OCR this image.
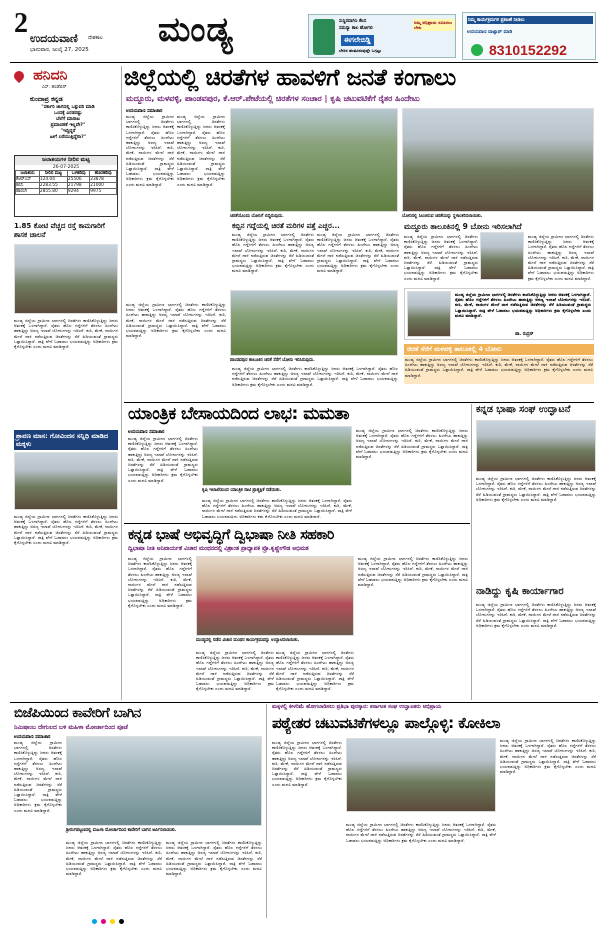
2 ಉದಯವಾಣಿ ದೇಶಕಾಲ
ಭಾನುವಾರ, ಜುಲೈ 27, 2025 ಮಂಡ್ಯ	ಸುಸ್ಥಿರವಾಗಿಸಿ ಕೆಲಸ
ಸಮಸ್ಯಾ ಕಾಲ ಹೋಗಲಿ
ಈಗಲೇಬಿಡ್ಡಿ
ಬೇರಿಸ ಹಂತವಿರುವುದ್ದೇ ಒಗ್ಗಟ್ಟು
ನಿಮ್ಮ ಅಭಿಪ್ರಾಯ ರೂಪಿಸಲು ಬೇಕು
ನಿಮ್ಮ ಕಾರ್ಯಕ್ರಮಗಳ ಪ್ರಕಟಣೆ ನೀಡಲು
ಉದಯವಾಣಿ ವಾಟ್ಸಾಪ್ ಮಾಡಿ
8310152292
ಹನಿದನಿ
ಎಸ್. ಹಂಡೆಬಿನ್
ಕುಂದಾಪ್ರ ಕನ್ನಡ
"ಸರ್ಕಾರಿ ಜಾಗದಲ್ಲಿ ಒತ್ತುವರಿ ಮಾಡಿ
ಒಂದಕ್ಕೆ ಎರಡರಷ್ಟು
ಬೆಲೆಗೆ ಮಾರಾಟ
ಪ್ರಮಾಣಿಕತೆ ಇಲ್ಲವೇ?"
"ಇದ್ದಿದ್ದರೆ
ಹೀಗೆ ಬರೆಯುತ್ತಿದ್ದೆನಾ?"
ಜಲಾಶಯಗಳ ನೀರಿನ ಮಟ್ಟ
26-07-2025
ಜಲಾಶಯ	ನೀರಿನ ಮಟ್ಟ	ಒಳಹರಿವು	ಹೊರಹರಿವು
ಕೆಆರ್‌ಎಸ್	124.04	25506	23878
ಕಬಿನಿ	2283.55	21798	21000
ಹಾರಂಗಿ	2855.80	9294	9975
1.85 ಕೋಟಿ ವೆಚ್ಚದ ರಸ್ತೆ ಕಾಮಗಾರಿಗೆ ಶಾಸಕ ಚಾಲನೆ
ಮಂಡ್ಯ ಜಿಲ್ಲೆಯ ಗ್ರಾಮೀಣ ಭಾಗಗಳಲ್ಲಿ ಚಿರತೆಗಳು ಕಾಣಿಸಿಕೊಳ್ಳುತ್ತಿದ್ದು ಜನರು ಆತಂಕಕ್ಕೆ ಒಳಗಾಗಿದ್ದಾರೆ. ರೈತರು ಹೊಲ ಗದ್ದೆಗಳಿಗೆ ತೆರಳಲು ಹಿಂದೇಟು ಹಾಕುತ್ತಿದ್ದು ಅರಣ್ಯ ಇಲಾಖೆ ಬೋನುಗಳನ್ನು ಇರಿಸಿದೆ. ಕುರಿ, ಮೇಕೆ, ನಾಯಿಗಳ ಮೇಲೆ ದಾಳಿ ನಡೆಸುತ್ತಿರುವ ಚಿರತೆಗಳನ್ನು ಸೆರೆ ಹಿಡಿಯುವಂತೆ ಗ್ರಾಮಸ್ಥರು ಒತ್ತಾಯಿಸಿದ್ದಾರೆ. ರಾತ್ರಿ ವೇಳೆ ಓಡಾಡಲು ಭಯಪಡುತ್ತಿದ್ದು ಅಧಿಕಾರಿಗಳು ಕ್ರಮ ಕೈಗೊಳ್ಳಬೇಕು ಎಂದು ಮನವಿ ಮಾಡಿದ್ದಾರೆ.
ಶ್ರಾವಣ ಮಾಸ: ಗೋವಿಂದನ ಸನ್ನಿಧಿ ಮಾಡಿದ ಮಕ್ಕಳು
ಮಂಡ್ಯ ಜಿಲ್ಲೆಯ ಗ್ರಾಮೀಣ ಭಾಗಗಳಲ್ಲಿ ಚಿರತೆಗಳು ಕಾಣಿಸಿಕೊಳ್ಳುತ್ತಿದ್ದು ಜನರು ಆತಂಕಕ್ಕೆ ಒಳಗಾಗಿದ್ದಾರೆ. ರೈತರು ಹೊಲ ಗದ್ದೆಗಳಿಗೆ ತೆರಳಲು ಹಿಂದೇಟು ಹಾಕುತ್ತಿದ್ದು ಅರಣ್ಯ ಇಲಾಖೆ ಬೋನುಗಳನ್ನು ಇರಿಸಿದೆ. ಕುರಿ, ಮೇಕೆ, ನಾಯಿಗಳ ಮೇಲೆ ದಾಳಿ ನಡೆಸುತ್ತಿರುವ ಚಿರತೆಗಳನ್ನು ಸೆರೆ ಹಿಡಿಯುವಂತೆ ಗ್ರಾಮಸ್ಥರು ಒತ್ತಾಯಿಸಿದ್ದಾರೆ. ರಾತ್ರಿ ವೇಳೆ ಓಡಾಡಲು ಭಯಪಡುತ್ತಿದ್ದು ಅಧಿಕಾರಿಗಳು ಕ್ರಮ ಕೈಗೊಳ್ಳಬೇಕು ಎಂದು ಮನವಿ ಮಾಡಿದ್ದಾರೆ.
ಜಿಲ್ಲೆಯಲ್ಲಿ ಚಿರತೆಗಳ ಹಾವಳಿಗೆ ಜನತೆ ಕಂಗಾಲು
ಮದ್ದೂರು, ಮಳವಳ್ಳಿ, ಪಾಂಡವಪುರ, ಕೆ.ಆರ್.ಪೇಟೆಯಲ್ಲಿ ಚಿರತೆಗಳ ಸಂಚಾರ | ಕೃಷಿ ಚಟುವಟಿಕೆಗೆ ರೈತರ ಹಿಂದೇಟು
ಉದಯವಾಣಿ ಸಮಾಚಾರ
ಮಂಡ್ಯ ಜಿಲ್ಲೆಯ ಗ್ರಾಮೀಣ ಭಾಗಗಳಲ್ಲಿ ಚಿರತೆಗಳು ಕಾಣಿಸಿಕೊಳ್ಳುತ್ತಿದ್ದು ಜನರು ಆತಂಕಕ್ಕೆ ಒಳಗಾಗಿದ್ದಾರೆ. ರೈತರು ಹೊಲ ಗದ್ದೆಗಳಿಗೆ ತೆರಳಲು ಹಿಂದೇಟು ಹಾಕುತ್ತಿದ್ದು ಅರಣ್ಯ ಇಲಾಖೆ ಬೋನುಗಳನ್ನು ಇರಿಸಿದೆ. ಕುರಿ, ಮೇಕೆ, ನಾಯಿಗಳ ಮೇಲೆ ದಾಳಿ ನಡೆಸುತ್ತಿರುವ ಚಿರತೆಗಳನ್ನು ಸೆರೆ ಹಿಡಿಯುವಂತೆ ಗ್ರಾಮಸ್ಥರು ಒತ್ತಾಯಿಸಿದ್ದಾರೆ. ರಾತ್ರಿ ವೇಳೆ ಓಡಾಡಲು ಭಯಪಡುತ್ತಿದ್ದು ಅಧಿಕಾರಿಗಳು ಕ್ರಮ ಕೈಗೊಳ್ಳಬೇಕು ಎಂದು ಮನವಿ ಮಾಡಿದ್ದಾರೆ.
ಮಂಡ್ಯ ಜಿಲ್ಲೆಯ ಗ್ರಾಮೀಣ ಭಾಗಗಳಲ್ಲಿ ಚಿರತೆಗಳು ಕಾಣಿಸಿಕೊಳ್ಳುತ್ತಿದ್ದು ಜನರು ಆತಂಕಕ್ಕೆ ಒಳಗಾಗಿದ್ದಾರೆ. ರೈತರು ಹೊಲ ಗದ್ದೆಗಳಿಗೆ ತೆರಳಲು ಹಿಂದೇಟು ಹಾಕುತ್ತಿದ್ದು ಅರಣ್ಯ ಇಲಾಖೆ ಬೋನುಗಳನ್ನು ಇರಿಸಿದೆ. ಕುರಿ, ಮೇಕೆ, ನಾಯಿಗಳ ಮೇಲೆ ದಾಳಿ ನಡೆಸುತ್ತಿರುವ ಚಿರತೆಗಳನ್ನು ಸೆರೆ ಹಿಡಿಯುವಂತೆ ಗ್ರಾಮಸ್ಥರು ಒತ್ತಾಯಿಸಿದ್ದಾರೆ. ರಾತ್ರಿ ವೇಳೆ ಓಡಾಡಲು ಭಯಪಡುತ್ತಿದ್ದು ಅಧಿಕಾರಿಗಳು ಕ್ರಮ ಕೈಗೊಳ್ಳಬೇಕು ಎಂದು ಮನವಿ ಮಾಡಿದ್ದಾರೆ.
ಚಿರತೆಯೊಂದು ಬೋನಿಗೆ ಬಿದ್ದಿರುವುದು.	ಬೋನಿನಲ್ಲಿ ಸಿಲುಕಿರುವ ಚಿರತೆಯನ್ನು ಸ್ಥಳಾಂತರಿಸಲಾಯಿತು.
ಕಬ್ಬಿನ ಗದ್ದೆಯಲ್ಲಿ ಚಿರತೆ ಮರಿಗಳ ಪತ್ತೆ ಎಚ್ಚರ...
ಮಂಡ್ಯ ಜಿಲ್ಲೆಯ ಗ್ರಾಮೀಣ ಭಾಗಗಳಲ್ಲಿ ಚಿರತೆಗಳು ಕಾಣಿಸಿಕೊಳ್ಳುತ್ತಿದ್ದು ಜನರು ಆತಂಕಕ್ಕೆ ಒಳಗಾಗಿದ್ದಾರೆ. ರೈತರು ಹೊಲ ಗದ್ದೆಗಳಿಗೆ ತೆರಳಲು ಹಿಂದೇಟು ಹಾಕುತ್ತಿದ್ದು ಅರಣ್ಯ ಇಲಾಖೆ ಬೋನುಗಳನ್ನು ಇರಿಸಿದೆ. ಕುರಿ, ಮೇಕೆ, ನಾಯಿಗಳ ಮೇಲೆ ದಾಳಿ ನಡೆಸುತ್ತಿರುವ ಚಿರತೆಗಳನ್ನು ಸೆರೆ ಹಿಡಿಯುವಂತೆ ಗ್ರಾಮಸ್ಥರು ಒತ್ತಾಯಿಸಿದ್ದಾರೆ. ರಾತ್ರಿ ವೇಳೆ ಓಡಾಡಲು ಭಯಪಡುತ್ತಿದ್ದು ಅಧಿಕಾರಿಗಳು ಕ್ರಮ ಕೈಗೊಳ್ಳಬೇಕು ಎಂದು ಮನವಿ ಮಾಡಿದ್ದಾರೆ.
ಮಂಡ್ಯ ಜಿಲ್ಲೆಯ ಗ್ರಾಮೀಣ ಭಾಗಗಳಲ್ಲಿ ಚಿರತೆಗಳು ಕಾಣಿಸಿಕೊಳ್ಳುತ್ತಿದ್ದು ಜನರು ಆತಂಕಕ್ಕೆ ಒಳಗಾಗಿದ್ದಾರೆ. ರೈತರು ಹೊಲ ಗದ್ದೆಗಳಿಗೆ ತೆರಳಲು ಹಿಂದೇಟು ಹಾಕುತ್ತಿದ್ದು ಅರಣ್ಯ ಇಲಾಖೆ ಬೋನುಗಳನ್ನು ಇರಿಸಿದೆ. ಕುರಿ, ಮೇಕೆ, ನಾಯಿಗಳ ಮೇಲೆ ದಾಳಿ ನಡೆಸುತ್ತಿರುವ ಚಿರತೆಗಳನ್ನು ಸೆರೆ ಹಿಡಿಯುವಂತೆ ಗ್ರಾಮಸ್ಥರು ಒತ್ತಾಯಿಸಿದ್ದಾರೆ. ರಾತ್ರಿ ವೇಳೆ ಓಡಾಡಲು ಭಯಪಡುತ್ತಿದ್ದು ಅಧಿಕಾರಿಗಳು ಕ್ರಮ ಕೈಗೊಳ್ಳಬೇಕು ಎಂದು ಮನವಿ ಮಾಡಿದ್ದಾರೆ.
ಮದ್ದೂರು ತಾಲೂಕಿನಲ್ಲಿ 9 ಬೋನು ಇರಿಸಲಾಗಿದೆ
ಮಂಡ್ಯ ಜಿಲ್ಲೆಯ ಗ್ರಾಮೀಣ ಭಾಗಗಳಲ್ಲಿ ಚಿರತೆಗಳು ಕಾಣಿಸಿಕೊಳ್ಳುತ್ತಿದ್ದು ಜನರು ಆತಂಕಕ್ಕೆ ಒಳಗಾಗಿದ್ದಾರೆ. ರೈತರು ಹೊಲ ಗದ್ದೆಗಳಿಗೆ ತೆರಳಲು ಹಿಂದೇಟು ಹಾಕುತ್ತಿದ್ದು ಅರಣ್ಯ ಇಲಾಖೆ ಬೋನುಗಳನ್ನು ಇರಿಸಿದೆ. ಕುರಿ, ಮೇಕೆ, ನಾಯಿಗಳ ಮೇಲೆ ದಾಳಿ ನಡೆಸುತ್ತಿರುವ ಚಿರತೆಗಳನ್ನು ಸೆರೆ ಹಿಡಿಯುವಂತೆ ಗ್ರಾಮಸ್ಥರು ಒತ್ತಾಯಿಸಿದ್ದಾರೆ. ರಾತ್ರಿ ವೇಳೆ ಓಡಾಡಲು ಭಯಪಡುತ್ತಿದ್ದು ಅಧಿಕಾರಿಗಳು ಕ್ರಮ ಕೈಗೊಳ್ಳಬೇಕು ಎಂದು ಮನವಿ ಮಾಡಿದ್ದಾರೆ.
ಮಂಡ್ಯ ಜಿಲ್ಲೆಯ ಗ್ರಾಮೀಣ ಭಾಗಗಳಲ್ಲಿ ಚಿರತೆಗಳು ಕಾಣಿಸಿಕೊಳ್ಳುತ್ತಿದ್ದು ಜನರು ಆತಂಕಕ್ಕೆ ಒಳಗಾಗಿದ್ದಾರೆ. ರೈತರು ಹೊಲ ಗದ್ದೆಗಳಿಗೆ ತೆರಳಲು ಹಿಂದೇಟು ಹಾಕುತ್ತಿದ್ದು ಅರಣ್ಯ ಇಲಾಖೆ ಬೋನುಗಳನ್ನು ಇರಿಸಿದೆ. ಕುರಿ, ಮೇಕೆ, ನಾಯಿಗಳ ಮೇಲೆ ದಾಳಿ ನಡೆಸುತ್ತಿರುವ ಚಿರತೆಗಳನ್ನು ಸೆರೆ ಹಿಡಿಯುವಂತೆ ಗ್ರಾಮಸ್ಥರು ಒತ್ತಾಯಿಸಿದ್ದಾರೆ. ರಾತ್ರಿ ವೇಳೆ ಓಡಾಡಲು ಭಯಪಡುತ್ತಿದ್ದು ಅಧಿಕಾರಿಗಳು ಕ್ರಮ ಕೈಗೊಳ್ಳಬೇಕು ಎಂದು ಮನವಿ ಮಾಡಿದ್ದಾರೆ.
ಪಾಂಡವಪುರ ತಾಲೂಕಿನ ಚಿರತೆ ಸೆರೆಗೆ ಬೋನು ಇರಿಸಿರುವುದು.
ಮಂಡ್ಯ ಜಿಲ್ಲೆಯ ಗ್ರಾಮೀಣ ಭಾಗಗಳಲ್ಲಿ ಚಿರತೆಗಳು ಕಾಣಿಸಿಕೊಳ್ಳುತ್ತಿದ್ದು ಜನರು ಆತಂಕಕ್ಕೆ ಒಳಗಾಗಿದ್ದಾರೆ. ರೈತರು ಹೊಲ ಗದ್ದೆಗಳಿಗೆ ತೆರಳಲು ಹಿಂದೇಟು ಹಾಕುತ್ತಿದ್ದು ಅರಣ್ಯ ಇಲಾಖೆ ಬೋನುಗಳನ್ನು ಇರಿಸಿದೆ. ಕುರಿ, ಮೇಕೆ, ನಾಯಿಗಳ ಮೇಲೆ ದಾಳಿ ನಡೆಸುತ್ತಿರುವ ಚಿರತೆಗಳನ್ನು ಸೆರೆ ಹಿಡಿಯುವಂತೆ ಗ್ರಾಮಸ್ಥರು ಒತ್ತಾಯಿಸಿದ್ದಾರೆ. ರಾತ್ರಿ ವೇಳೆ ಓಡಾಡಲು ಭಯಪಡುತ್ತಿದ್ದು ಅಧಿಕಾರಿಗಳು ಕ್ರಮ ಕೈಗೊಳ್ಳಬೇಕು ಎಂದು ಮನವಿ ಮಾಡಿದ್ದಾರೆ.
ಮಂಡ್ಯ ಜಿಲ್ಲೆಯ ಗ್ರಾಮೀಣ ಭಾಗಗಳಲ್ಲಿ ಚಿರತೆಗಳು ಕಾಣಿಸಿಕೊಳ್ಳುತ್ತಿದ್ದು ಜನರು ಆತಂಕಕ್ಕೆ ಒಳಗಾಗಿದ್ದಾರೆ. ರೈತರು ಹೊಲ ಗದ್ದೆಗಳಿಗೆ ತೆರಳಲು ಹಿಂದೇಟು ಹಾಕುತ್ತಿದ್ದು ಅರಣ್ಯ ಇಲಾಖೆ ಬೋನುಗಳನ್ನು ಇರಿಸಿದೆ. ಕುರಿ, ಮೇಕೆ, ನಾಯಿಗಳ ಮೇಲೆ ದಾಳಿ ನಡೆಸುತ್ತಿರುವ ಚಿರತೆಗಳನ್ನು ಸೆರೆ ಹಿಡಿಯುವಂತೆ ಗ್ರಾಮಸ್ಥರು ಒತ್ತಾಯಿಸಿದ್ದಾರೆ. ರಾತ್ರಿ ವೇಳೆ ಓಡಾಡಲು ಭಯಪಡುತ್ತಿದ್ದು ಅಧಿಕಾರಿಗಳು ಕ್ರಮ ಕೈಗೊಳ್ಳಬೇಕು ಎಂದು ಮನವಿ ಮಾಡಿದ್ದಾರೆ.
ಮಂಡ್ಯ ಜಿಲ್ಲೆಯ ಗ್ರಾಮೀಣ ಭಾಗಗಳಲ್ಲಿ ಚಿರತೆಗಳು ಕಾಣಿಸಿಕೊಳ್ಳುತ್ತಿದ್ದು ಜನರು ಆತಂಕಕ್ಕೆ ಒಳಗಾಗಿದ್ದಾರೆ. ರೈತರು ಹೊಲ ಗದ್ದೆಗಳಿಗೆ ತೆರಳಲು ಹಿಂದೇಟು ಹಾಕುತ್ತಿದ್ದು ಅರಣ್ಯ ಇಲಾಖೆ ಬೋನುಗಳನ್ನು ಇರಿಸಿದೆ. ಕುರಿ, ಮೇಕೆ, ನಾಯಿಗಳ ಮೇಲೆ ದಾಳಿ ನಡೆಸುತ್ತಿರುವ ಚಿರತೆಗಳನ್ನು ಸೆರೆ ಹಿಡಿಯುವಂತೆ ಗ್ರಾಮಸ್ಥರು ಒತ್ತಾಯಿಸಿದ್ದಾರೆ. ರಾತ್ರಿ ವೇಳೆ ಓಡಾಡಲು ಭಯಪಡುತ್ತಿದ್ದು ಅಧಿಕಾರಿಗಳು ಕ್ರಮ ಕೈಗೊಳ್ಳಬೇಕು ಎಂದು ಮನವಿ ಮಾಡಿದ್ದಾರೆ.
ಡಾ. ರುದ್ರನ್
ಚಿರತೆ ಸೆರೆಗೆ ಮಳವಳ್ಳಿ ತಾಲೂಕಲ್ಲಿ 4 ಬೋನು
ಮಂಡ್ಯ ಜಿಲ್ಲೆಯ ಗ್ರಾಮೀಣ ಭಾಗಗಳಲ್ಲಿ ಚಿರತೆಗಳು ಕಾಣಿಸಿಕೊಳ್ಳುತ್ತಿದ್ದು ಜನರು ಆತಂಕಕ್ಕೆ ಒಳಗಾಗಿದ್ದಾರೆ. ರೈತರು ಹೊಲ ಗದ್ದೆಗಳಿಗೆ ತೆರಳಲು ಹಿಂದೇಟು ಹಾಕುತ್ತಿದ್ದು ಅರಣ್ಯ ಇಲಾಖೆ ಬೋನುಗಳನ್ನು ಇರಿಸಿದೆ. ಕುರಿ, ಮೇಕೆ, ನಾಯಿಗಳ ಮೇಲೆ ದಾಳಿ ನಡೆಸುತ್ತಿರುವ ಚಿರತೆಗಳನ್ನು ಸೆರೆ ಹಿಡಿಯುವಂತೆ ಗ್ರಾಮಸ್ಥರು ಒತ್ತಾಯಿಸಿದ್ದಾರೆ. ರಾತ್ರಿ ವೇಳೆ ಓಡಾಡಲು ಭಯಪಡುತ್ತಿದ್ದು ಅಧಿಕಾರಿಗಳು ಕ್ರಮ ಕೈಗೊಳ್ಳಬೇಕು ಎಂದು ಮನವಿ ಮಾಡಿದ್ದಾರೆ.
ಯಾಂತ್ರಿಕ ಬೇಸಾಯದಿಂದ ಲಾಭ: ಮಮತಾ
ಉದಯವಾಣಿ ಸಮಾಚಾರ
ಮಂಡ್ಯ ಜಿಲ್ಲೆಯ ಗ್ರಾಮೀಣ ಭಾಗಗಳಲ್ಲಿ ಚಿರತೆಗಳು ಕಾಣಿಸಿಕೊಳ್ಳುತ್ತಿದ್ದು ಜನರು ಆತಂಕಕ್ಕೆ ಒಳಗಾಗಿದ್ದಾರೆ. ರೈತರು ಹೊಲ ಗದ್ದೆಗಳಿಗೆ ತೆರಳಲು ಹಿಂದೇಟು ಹಾಕುತ್ತಿದ್ದು ಅರಣ್ಯ ಇಲಾಖೆ ಬೋನುಗಳನ್ನು ಇರಿಸಿದೆ. ಕುರಿ, ಮೇಕೆ, ನಾಯಿಗಳ ಮೇಲೆ ದಾಳಿ ನಡೆಸುತ್ತಿರುವ ಚಿರತೆಗಳನ್ನು ಸೆರೆ ಹಿಡಿಯುವಂತೆ ಗ್ರಾಮಸ್ಥರು ಒತ್ತಾಯಿಸಿದ್ದಾರೆ. ರಾತ್ರಿ ವೇಳೆ ಓಡಾಡಲು ಭಯಪಡುತ್ತಿದ್ದು ಅಧಿಕಾರಿಗಳು ಕ್ರಮ ಕೈಗೊಳ್ಳಬೇಕು ಎಂದು ಮನವಿ ಮಾಡಿದ್ದಾರೆ.
ಮಂಡ್ಯ ಜಿಲ್ಲೆಯ ಗ್ರಾಮೀಣ ಭಾಗಗಳಲ್ಲಿ ಚಿರತೆಗಳು ಕಾಣಿಸಿಕೊಳ್ಳುತ್ತಿದ್ದು ಜನರು ಆತಂಕಕ್ಕೆ ಒಳಗಾಗಿದ್ದಾರೆ. ರೈತರು ಹೊಲ ಗದ್ದೆಗಳಿಗೆ ತೆರಳಲು ಹಿಂದೇಟು ಹಾಕುತ್ತಿದ್ದು ಅರಣ್ಯ ಇಲಾಖೆ ಬೋನುಗಳನ್ನು ಇರಿಸಿದೆ. ಕುರಿ, ಮೇಕೆ, ನಾಯಿಗಳ ಮೇಲೆ ದಾಳಿ ನಡೆಸುತ್ತಿರುವ ಚಿರತೆಗಳನ್ನು ಸೆರೆ ಹಿಡಿಯುವಂತೆ ಗ್ರಾಮಸ್ಥರು ಒತ್ತಾಯಿಸಿದ್ದಾರೆ. ರಾತ್ರಿ ವೇಳೆ ಓಡಾಡಲು ಭಯಪಡುತ್ತಿದ್ದು ಅಧಿಕಾರಿಗಳು ಕ್ರಮ ಕೈಗೊಳ್ಳಬೇಕು ಎಂದು ಮನವಿ ಮಾಡಿದ್ದಾರೆ.
ಕೃಷಿ ಇಲಾಖೆಯಿಂದ ಯಾಂತ್ರಿಕ ನಾಟಿ ಪ್ರಾತ್ಯಕ್ಷಿಕೆ ನಡೆಯಿತು.
ಮಂಡ್ಯ ಜಿಲ್ಲೆಯ ಗ್ರಾಮೀಣ ಭಾಗಗಳಲ್ಲಿ ಚಿರತೆಗಳು ಕಾಣಿಸಿಕೊಳ್ಳುತ್ತಿದ್ದು ಜನರು ಆತಂಕಕ್ಕೆ ಒಳಗಾಗಿದ್ದಾರೆ. ರೈತರು ಹೊಲ ಗದ್ದೆಗಳಿಗೆ ತೆರಳಲು ಹಿಂದೇಟು ಹಾಕುತ್ತಿದ್ದು ಅರಣ್ಯ ಇಲಾಖೆ ಬೋನುಗಳನ್ನು ಇರಿಸಿದೆ. ಕುರಿ, ಮೇಕೆ, ನಾಯಿಗಳ ಮೇಲೆ ದಾಳಿ ನಡೆಸುತ್ತಿರುವ ಚಿರತೆಗಳನ್ನು ಸೆರೆ ಹಿಡಿಯುವಂತೆ ಗ್ರಾಮಸ್ಥರು ಒತ್ತಾಯಿಸಿದ್ದಾರೆ. ರಾತ್ರಿ ವೇಳೆ ಓಡಾಡಲು ಭಯಪಡುತ್ತಿದ್ದು ಅಧಿಕಾರಿಗಳು ಕ್ರಮ ಕೈಗೊಳ್ಳಬೇಕು ಎಂದು ಮನವಿ ಮಾಡಿದ್ದಾರೆ.
ಕನ್ನಡ ಭಾಷೆ ಅಭಿವೃದ್ಧಿಗೆ ದ್ವಿಭಾಷಾ ನೀತಿ ಸಹಕಾರಿ
ದ್ವಿಭಾಷಾ ನೀತಿ ಅನಿವಾರ್ಯತೆ ವಿಚಾರ ಮಂಥನದಲ್ಲಿ ವಿಶ್ರಾಂತ ಪ್ರಾಧ್ಯಾಪಕ ಪ್ರೊ.ಕೃಷ್ಣೇಗೌಡ ಅಭಿಮತ
ಮಂಡ್ಯ ಜಿಲ್ಲೆಯ ಗ್ರಾಮೀಣ ಭಾಗಗಳಲ್ಲಿ ಚಿರತೆಗಳು ಕಾಣಿಸಿಕೊಳ್ಳುತ್ತಿದ್ದು ಜನರು ಆತಂಕಕ್ಕೆ ಒಳಗಾಗಿದ್ದಾರೆ. ರೈತರು ಹೊಲ ಗದ್ದೆಗಳಿಗೆ ತೆರಳಲು ಹಿಂದೇಟು ಹಾಕುತ್ತಿದ್ದು ಅರಣ್ಯ ಇಲಾಖೆ ಬೋನುಗಳನ್ನು ಇರಿಸಿದೆ. ಕುರಿ, ಮೇಕೆ, ನಾಯಿಗಳ ಮೇಲೆ ದಾಳಿ ನಡೆಸುತ್ತಿರುವ ಚಿರತೆಗಳನ್ನು ಸೆರೆ ಹಿಡಿಯುವಂತೆ ಗ್ರಾಮಸ್ಥರು ಒತ್ತಾಯಿಸಿದ್ದಾರೆ. ರಾತ್ರಿ ವೇಳೆ ಓಡಾಡಲು ಭಯಪಡುತ್ತಿದ್ದು ಅಧಿಕಾರಿಗಳು ಕ್ರಮ ಕೈಗೊಳ್ಳಬೇಕು ಎಂದು ಮನವಿ ಮಾಡಿದ್ದಾರೆ.
ಮಂಡ್ಯದಲ್ಲಿ ನಡೆದ ವಿಚಾರ ಮಂಥನ ಕಾರ್ಯಕ್ರಮವನ್ನು ಉದ್ಘಾಟಿಸಲಾಯಿತು.
ಮಂಡ್ಯ ಜಿಲ್ಲೆಯ ಗ್ರಾಮೀಣ ಭಾಗಗಳಲ್ಲಿ ಚಿರತೆಗಳು ಕಾಣಿಸಿಕೊಳ್ಳುತ್ತಿದ್ದು ಜನರು ಆತಂಕಕ್ಕೆ ಒಳಗಾಗಿದ್ದಾರೆ. ರೈತರು ಹೊಲ ಗದ್ದೆಗಳಿಗೆ ತೆರಳಲು ಹಿಂದೇಟು ಹಾಕುತ್ತಿದ್ದು ಅರಣ್ಯ ಇಲಾಖೆ ಬೋನುಗಳನ್ನು ಇರಿಸಿದೆ. ಕುರಿ, ಮೇಕೆ, ನಾಯಿಗಳ ಮೇಲೆ ದಾಳಿ ನಡೆಸುತ್ತಿರುವ ಚಿರತೆಗಳನ್ನು ಸೆರೆ ಹಿಡಿಯುವಂತೆ ಗ್ರಾಮಸ್ಥರು ಒತ್ತಾಯಿಸಿದ್ದಾರೆ. ರಾತ್ರಿ ವೇಳೆ ಓಡಾಡಲು ಭಯಪಡುತ್ತಿದ್ದು ಅಧಿಕಾರಿಗಳು ಕ್ರಮ ಕೈಗೊಳ್ಳಬೇಕು ಎಂದು ಮನವಿ ಮಾಡಿದ್ದಾರೆ.
ಮಂಡ್ಯ ಜಿಲ್ಲೆಯ ಗ್ರಾಮೀಣ ಭಾಗಗಳಲ್ಲಿ ಚಿರತೆಗಳು ಕಾಣಿಸಿಕೊಳ್ಳುತ್ತಿದ್ದು ಜನರು ಆತಂಕಕ್ಕೆ ಒಳಗಾಗಿದ್ದಾರೆ. ರೈತರು ಹೊಲ ಗದ್ದೆಗಳಿಗೆ ತೆರಳಲು ಹಿಂದೇಟು ಹಾಕುತ್ತಿದ್ದು ಅರಣ್ಯ ಇಲಾಖೆ ಬೋನುಗಳನ್ನು ಇರಿಸಿದೆ. ಕುರಿ, ಮೇಕೆ, ನಾಯಿಗಳ ಮೇಲೆ ದಾಳಿ ನಡೆಸುತ್ತಿರುವ ಚಿರತೆಗಳನ್ನು ಸೆರೆ ಹಿಡಿಯುವಂತೆ ಗ್ರಾಮಸ್ಥರು ಒತ್ತಾಯಿಸಿದ್ದಾರೆ. ರಾತ್ರಿ ವೇಳೆ ಓಡಾಡಲು ಭಯಪಡುತ್ತಿದ್ದು ಅಧಿಕಾರಿಗಳು ಕ್ರಮ ಕೈಗೊಳ್ಳಬೇಕು ಎಂದು ಮನವಿ ಮಾಡಿದ್ದಾರೆ.
ಮಂಡ್ಯ ಜಿಲ್ಲೆಯ ಗ್ರಾಮೀಣ ಭಾಗಗಳಲ್ಲಿ ಚಿರತೆಗಳು ಕಾಣಿಸಿಕೊಳ್ಳುತ್ತಿದ್ದು ಜನರು ಆತಂಕಕ್ಕೆ ಒಳಗಾಗಿದ್ದಾರೆ. ರೈತರು ಹೊಲ ಗದ್ದೆಗಳಿಗೆ ತೆರಳಲು ಹಿಂದೇಟು ಹಾಕುತ್ತಿದ್ದು ಅರಣ್ಯ ಇಲಾಖೆ ಬೋನುಗಳನ್ನು ಇರಿಸಿದೆ. ಕುರಿ, ಮೇಕೆ, ನಾಯಿಗಳ ಮೇಲೆ ದಾಳಿ ನಡೆಸುತ್ತಿರುವ ಚಿರತೆಗಳನ್ನು ಸೆರೆ ಹಿಡಿಯುವಂತೆ ಗ್ರಾಮಸ್ಥರು ಒತ್ತಾಯಿಸಿದ್ದಾರೆ. ರಾತ್ರಿ ವೇಳೆ ಓಡಾಡಲು ಭಯಪಡುತ್ತಿದ್ದು ಅಧಿಕಾರಿಗಳು ಕ್ರಮ ಕೈಗೊಳ್ಳಬೇಕು ಎಂದು ಮನವಿ ಮಾಡಿದ್ದಾರೆ.
ಕನ್ನಡ ಭಾಷಾ ಸಂಘ ಉದ್ಘಾಟನೆ
ಮಂಡ್ಯ ಜಿಲ್ಲೆಯ ಗ್ರಾಮೀಣ ಭಾಗಗಳಲ್ಲಿ ಚಿರತೆಗಳು ಕಾಣಿಸಿಕೊಳ್ಳುತ್ತಿದ್ದು ಜನರು ಆತಂಕಕ್ಕೆ ಒಳಗಾಗಿದ್ದಾರೆ. ರೈತರು ಹೊಲ ಗದ್ದೆಗಳಿಗೆ ತೆರಳಲು ಹಿಂದೇಟು ಹಾಕುತ್ತಿದ್ದು ಅರಣ್ಯ ಇಲಾಖೆ ಬೋನುಗಳನ್ನು ಇರಿಸಿದೆ. ಕುರಿ, ಮೇಕೆ, ನಾಯಿಗಳ ಮೇಲೆ ದಾಳಿ ನಡೆಸುತ್ತಿರುವ ಚಿರತೆಗಳನ್ನು ಸೆರೆ ಹಿಡಿಯುವಂತೆ ಗ್ರಾಮಸ್ಥರು ಒತ್ತಾಯಿಸಿದ್ದಾರೆ. ರಾತ್ರಿ ವೇಳೆ ಓಡಾಡಲು ಭಯಪಡುತ್ತಿದ್ದು ಅಧಿಕಾರಿಗಳು ಕ್ರಮ ಕೈಗೊಳ್ಳಬೇಕು ಎಂದು ಮನವಿ ಮಾಡಿದ್ದಾರೆ.
ನಾಡಿದ್ದು ಕೃಷಿ ಕಾರ್ಯಾಗಾರ
ಮಂಡ್ಯ ಜಿಲ್ಲೆಯ ಗ್ರಾಮೀಣ ಭಾಗಗಳಲ್ಲಿ ಚಿರತೆಗಳು ಕಾಣಿಸಿಕೊಳ್ಳುತ್ತಿದ್ದು ಜನರು ಆತಂಕಕ್ಕೆ ಒಳಗಾಗಿದ್ದಾರೆ. ರೈತರು ಹೊಲ ಗದ್ದೆಗಳಿಗೆ ತೆರಳಲು ಹಿಂದೇಟು ಹಾಕುತ್ತಿದ್ದು ಅರಣ್ಯ ಇಲಾಖೆ ಬೋನುಗಳನ್ನು ಇರಿಸಿದೆ. ಕುರಿ, ಮೇಕೆ, ನಾಯಿಗಳ ಮೇಲೆ ದಾಳಿ ನಡೆಸುತ್ತಿರುವ ಚಿರತೆಗಳನ್ನು ಸೆರೆ ಹಿಡಿಯುವಂತೆ ಗ್ರಾಮಸ್ಥರು ಒತ್ತಾಯಿಸಿದ್ದಾರೆ. ರಾತ್ರಿ ವೇಳೆ ಓಡಾಡಲು ಭಯಪಡುತ್ತಿದ್ದು ಅಧಿಕಾರಿಗಳು ಕ್ರಮ ಕೈಗೊಳ್ಳಬೇಕು ಎಂದು ಮನವಿ ಮಾಡಿದ್ದಾರೆ.
ಬಿಜೆಪಿಯಿಂದ ಕಾವೇರಿಗೆ ಬಾಗಿನ
ನಿಮಿಷಾಂಬ ದೇಗುಲದ ಬಳಿ ಮಹಿಳಾ ಮೋರ್ಚಾದಿಂದ ಪೂಜೆ
ಉದಯವಾಣಿ ಸಮಾಚಾರ
ಮಂಡ್ಯ ಜಿಲ್ಲೆಯ ಗ್ರಾಮೀಣ ಭಾಗಗಳಲ್ಲಿ ಚಿರತೆಗಳು ಕಾಣಿಸಿಕೊಳ್ಳುತ್ತಿದ್ದು ಜನರು ಆತಂಕಕ್ಕೆ ಒಳಗಾಗಿದ್ದಾರೆ. ರೈತರು ಹೊಲ ಗದ್ದೆಗಳಿಗೆ ತೆರಳಲು ಹಿಂದೇಟು ಹಾಕುತ್ತಿದ್ದು ಅರಣ್ಯ ಇಲಾಖೆ ಬೋನುಗಳನ್ನು ಇರಿಸಿದೆ. ಕುರಿ, ಮೇಕೆ, ನಾಯಿಗಳ ಮೇಲೆ ದಾಳಿ ನಡೆಸುತ್ತಿರುವ ಚಿರತೆಗಳನ್ನು ಸೆರೆ ಹಿಡಿಯುವಂತೆ ಗ್ರಾಮಸ್ಥರು ಒತ್ತಾಯಿಸಿದ್ದಾರೆ. ರಾತ್ರಿ ವೇಳೆ ಓಡಾಡಲು ಭಯಪಡುತ್ತಿದ್ದು ಅಧಿಕಾರಿಗಳು ಕ್ರಮ ಕೈಗೊಳ್ಳಬೇಕು ಎಂದು ಮನವಿ ಮಾಡಿದ್ದಾರೆ.
ಶ್ರೀರಂಗಪಟ್ಟಣದಲ್ಲಿ ಮಹಿಳಾ ಮೋರ್ಚಾದಿಂದ ಕಾವೇರಿಗೆ ಬಾಗಿನ ಅರ್ಪಿಸಲಾಯಿತು.
ಮಂಡ್ಯ ಜಿಲ್ಲೆಯ ಗ್ರಾಮೀಣ ಭಾಗಗಳಲ್ಲಿ ಚಿರತೆಗಳು ಕಾಣಿಸಿಕೊಳ್ಳುತ್ತಿದ್ದು ಜನರು ಆತಂಕಕ್ಕೆ ಒಳಗಾಗಿದ್ದಾರೆ. ರೈತರು ಹೊಲ ಗದ್ದೆಗಳಿಗೆ ತೆರಳಲು ಹಿಂದೇಟು ಹಾಕುತ್ತಿದ್ದು ಅರಣ್ಯ ಇಲಾಖೆ ಬೋನುಗಳನ್ನು ಇರಿಸಿದೆ. ಕುರಿ, ಮೇಕೆ, ನಾಯಿಗಳ ಮೇಲೆ ದಾಳಿ ನಡೆಸುತ್ತಿರುವ ಚಿರತೆಗಳನ್ನು ಸೆರೆ ಹಿಡಿಯುವಂತೆ ಗ್ರಾಮಸ್ಥರು ಒತ್ತಾಯಿಸಿದ್ದಾರೆ. ರಾತ್ರಿ ವೇಳೆ ಓಡಾಡಲು ಭಯಪಡುತ್ತಿದ್ದು ಅಧಿಕಾರಿಗಳು ಕ್ರಮ ಕೈಗೊಳ್ಳಬೇಕು ಎಂದು ಮನವಿ ಮಾಡಿದ್ದಾರೆ.
ಮಂಡ್ಯ ಜಿಲ್ಲೆಯ ಗ್ರಾಮೀಣ ಭಾಗಗಳಲ್ಲಿ ಚಿರತೆಗಳು ಕಾಣಿಸಿಕೊಳ್ಳುತ್ತಿದ್ದು ಜನರು ಆತಂಕಕ್ಕೆ ಒಳಗಾಗಿದ್ದಾರೆ. ರೈತರು ಹೊಲ ಗದ್ದೆಗಳಿಗೆ ತೆರಳಲು ಹಿಂದೇಟು ಹಾಕುತ್ತಿದ್ದು ಅರಣ್ಯ ಇಲಾಖೆ ಬೋನುಗಳನ್ನು ಇರಿಸಿದೆ. ಕುರಿ, ಮೇಕೆ, ನಾಯಿಗಳ ಮೇಲೆ ದಾಳಿ ನಡೆಸುತ್ತಿರುವ ಚಿರತೆಗಳನ್ನು ಸೆರೆ ಹಿಡಿಯುವಂತೆ ಗ್ರಾಮಸ್ಥರು ಒತ್ತಾಯಿಸಿದ್ದಾರೆ. ರಾತ್ರಿ ವೇಳೆ ಓಡಾಡಲು ಭಯಪಡುತ್ತಿದ್ದು ಅಧಿಕಾರಿಗಳು ಕ್ರಮ ಕೈಗೊಳ್ಳಬೇಕು ಎಂದು ಮನವಿ ಮಾಡಿದ್ದಾರೆ.
ಮಕ್ಕಳಲ್ಲಿ ಕೀಳರಿಮೆ ಹೋಗಲಾಡಿಸಲು ಪ್ರತಿಭಾ ಪುರಸ್ಕಾರ: ಕರ್ನಾಟಕ ಸಂಘ ಉದ್ಘಾಟಕರು ಅಭಿಪ್ರಾಯ
ಪಠ್ಯೇತರ ಚಟುವಟಿಕೆಗಳಲ್ಲೂ ಪಾಲ್ಗೊಳ್ಳಿ: ಕೋಕಿಲಾ
ಮಂಡ್ಯ ಜಿಲ್ಲೆಯ ಗ್ರಾಮೀಣ ಭಾಗಗಳಲ್ಲಿ ಚಿರತೆಗಳು ಕಾಣಿಸಿಕೊಳ್ಳುತ್ತಿದ್ದು ಜನರು ಆತಂಕಕ್ಕೆ ಒಳಗಾಗಿದ್ದಾರೆ. ರೈತರು ಹೊಲ ಗದ್ದೆಗಳಿಗೆ ತೆರಳಲು ಹಿಂದೇಟು ಹಾಕುತ್ತಿದ್ದು ಅರಣ್ಯ ಇಲಾಖೆ ಬೋನುಗಳನ್ನು ಇರಿಸಿದೆ. ಕುರಿ, ಮೇಕೆ, ನಾಯಿಗಳ ಮೇಲೆ ದಾಳಿ ನಡೆಸುತ್ತಿರುವ ಚಿರತೆಗಳನ್ನು ಸೆರೆ ಹಿಡಿಯುವಂತೆ ಗ್ರಾಮಸ್ಥರು ಒತ್ತಾಯಿಸಿದ್ದಾರೆ. ರಾತ್ರಿ ವೇಳೆ ಓಡಾಡಲು ಭಯಪಡುತ್ತಿದ್ದು ಅಧಿಕಾರಿಗಳು ಕ್ರಮ ಕೈಗೊಳ್ಳಬೇಕು ಎಂದು ಮನವಿ ಮಾಡಿದ್ದಾರೆ.
ಮಂಡ್ಯ ಜಿಲ್ಲೆಯ ಗ್ರಾಮೀಣ ಭಾಗಗಳಲ್ಲಿ ಚಿರತೆಗಳು ಕಾಣಿಸಿಕೊಳ್ಳುತ್ತಿದ್ದು ಜನರು ಆತಂಕಕ್ಕೆ ಒಳಗಾಗಿದ್ದಾರೆ. ರೈತರು ಹೊಲ ಗದ್ದೆಗಳಿಗೆ ತೆರಳಲು ಹಿಂದೇಟು ಹಾಕುತ್ತಿದ್ದು ಅರಣ್ಯ ಇಲಾಖೆ ಬೋನುಗಳನ್ನು ಇರಿಸಿದೆ. ಕುರಿ, ಮೇಕೆ, ನಾಯಿಗಳ ಮೇಲೆ ದಾಳಿ ನಡೆಸುತ್ತಿರುವ ಚಿರತೆಗಳನ್ನು ಸೆರೆ ಹಿಡಿಯುವಂತೆ ಗ್ರಾಮಸ್ಥರು ಒತ್ತಾಯಿಸಿದ್ದಾರೆ. ರಾತ್ರಿ ವೇಳೆ ಓಡಾಡಲು ಭಯಪಡುತ್ತಿದ್ದು ಅಧಿಕಾರಿಗಳು ಕ್ರಮ ಕೈಗೊಳ್ಳಬೇಕು ಎಂದು ಮನವಿ ಮಾಡಿದ್ದಾರೆ.
ಮಂಡ್ಯ ಜಿಲ್ಲೆಯ ಗ್ರಾಮೀಣ ಭಾಗಗಳಲ್ಲಿ ಚಿರತೆಗಳು ಕಾಣಿಸಿಕೊಳ್ಳುತ್ತಿದ್ದು ಜನರು ಆತಂಕಕ್ಕೆ ಒಳಗಾಗಿದ್ದಾರೆ. ರೈತರು ಹೊಲ ಗದ್ದೆಗಳಿಗೆ ತೆರಳಲು ಹಿಂದೇಟು ಹಾಕುತ್ತಿದ್ದು ಅರಣ್ಯ ಇಲಾಖೆ ಬೋನುಗಳನ್ನು ಇರಿಸಿದೆ. ಕುರಿ, ಮೇಕೆ, ನಾಯಿಗಳ ಮೇಲೆ ದಾಳಿ ನಡೆಸುತ್ತಿರುವ ಚಿರತೆಗಳನ್ನು ಸೆರೆ ಹಿಡಿಯುವಂತೆ ಗ್ರಾಮಸ್ಥರು ಒತ್ತಾಯಿಸಿದ್ದಾರೆ. ರಾತ್ರಿ ವೇಳೆ ಓಡಾಡಲು ಭಯಪಡುತ್ತಿದ್ದು ಅಧಿಕಾರಿಗಳು ಕ್ರಮ ಕೈಗೊಳ್ಳಬೇಕು ಎಂದು ಮನವಿ ಮಾಡಿದ್ದಾರೆ.
